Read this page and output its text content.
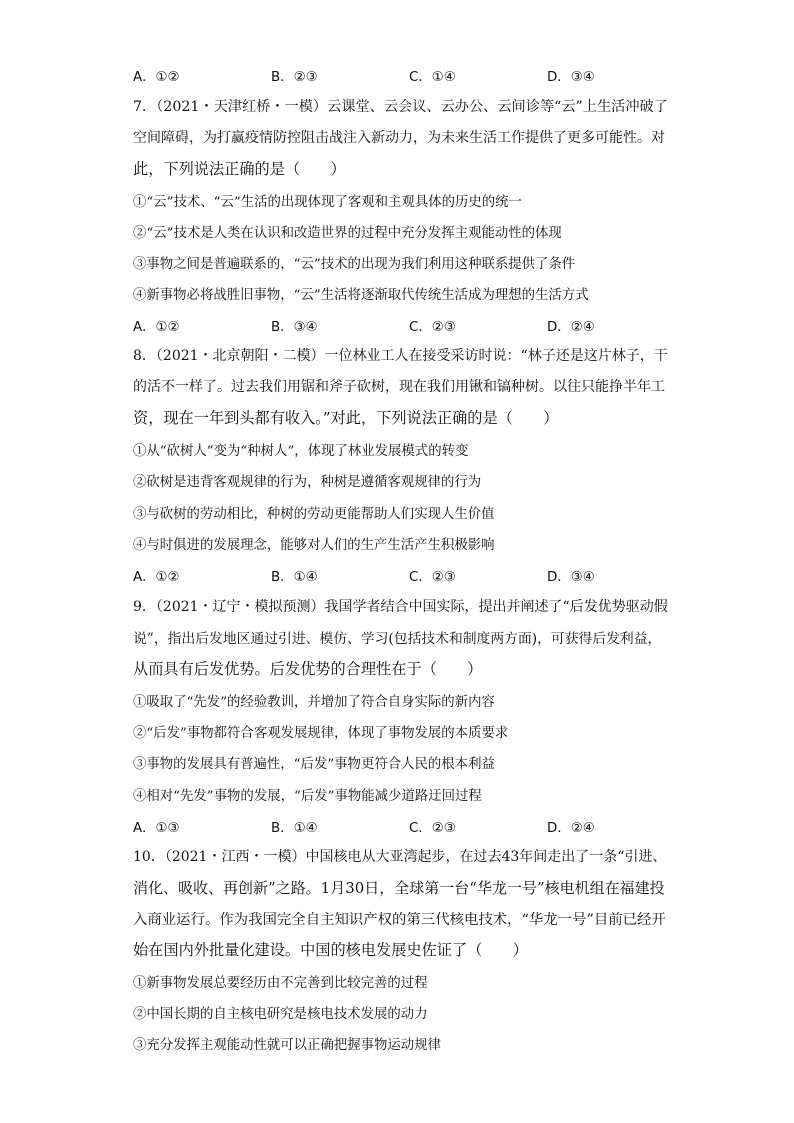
A．①②	B．②③	C．①④	D．③④
7．（2021・天津红桥・一模）云课堂、云会议、云办公、云间诊等“云”上生活冲破了
空间障碍，为打赢疫情防控阻击战注入新动力，为未来生活工作提供了更多可能性。对
此，下列说法正确的是（　　）
①“云”技术、“云”生活的出现体现了客观和主观具体的历史的统一
②“云”技术是人类在认识和改造世界的过程中充分发挥主观能动性的体现
③事物之间是普遍联系的，“云”技术的出现为我们利用这种联系提供了条件
④新事物必将战胜旧事物，“云”生活将逐渐取代传统生活成为理想的生活方式
A．①②	B．③④	C．②③	D．②④
8．（2021・北京朝阳・二模）一位林业工人在接受采访时说：“林子还是这片林子，干
的活不一样了。过去我们用锯和斧子砍树，现在我们用锹和镐种树。以往只能挣半年工
资，现在一年到头都有收入。”对此，下列说法正确的是（　　）
①从“砍树人”变为“种树人”，体现了林业发展模式的转变
②砍树是违背客观规律的行为，种树是遵循客观规律的行为
③与砍树的劳动相比，种树的劳动更能帮助人们实现人生价值
④与时俱进的发展理念，能够对人们的生产生活产生积极影响
A．①②	B．①④	C．②③	D．③④
9．（2021・辽宁・模拟预测）我国学者结合中国实际，提出并阐述了“后发优势驱动假
说”，指出后发地区通过引进、模仿、学习(包括技术和制度两方面)，可获得后发利益，
从而具有后发优势。后发优势的合理性在于（　　）
①吸取了“先发”的经验教训，并增加了符合自身实际的新内容
②“后发”事物都符合客观发展规律，体现了事物发展的本质要求
③事物的发展具有普遍性，“后发”事物更符合人民的根本利益
④相对“先发”事物的发展，“后发”事物能减少道路迂回过程
A．①③	B．①④	C．②③	D．②④
10．（2021・江西・一模）中国核电从大亚湾起步，在过去43年间走出了一条“引进、
消化、吸收、再创新”之路。1月30日，全球第一台“华龙一号”核电机组在福建投
入商业运行。作为我国完全自主知识产权的第三代核电技术，“华龙一号”目前已经开
始在国内外批量化建设。中国的核电发展史佐证了（　　）
①新事物发展总要经历由不完善到比较完善的过程
②中国长期的自主核电研究是核电技术发展的动力
③充分发挥主观能动性就可以正确把握事物运动规律
